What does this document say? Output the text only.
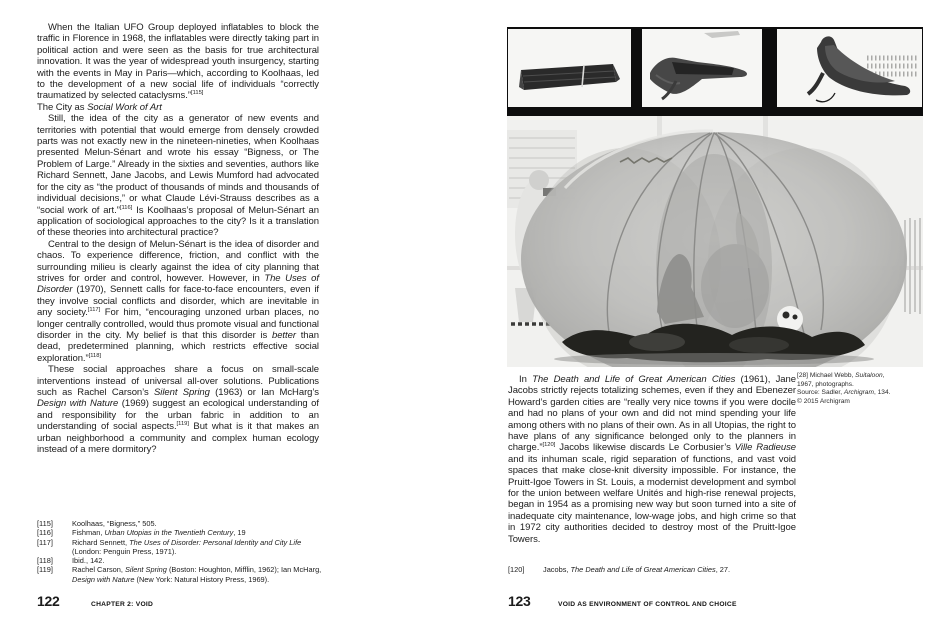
When the Italian UFO Group deployed inflatables to block the traffic in Florence in 1968, the inflatables were directly taking part in political action and were seen as the basis for true architectural innovation. It was the year of widespread youth insurgency, starting with the events in May in Paris—which, according to Koolhaas, led to the development of a new social life of individuals “correctly traumatized by selected cataclysms.”[115]

The City as Social Work of Art

Still, the idea of the city as a generator of new events and territories with potential that would emerge from densely crowded parts was not exactly new in the nineteen-nineties, when Koolhaas presented Melun-Sénart and wrote his essay “Bigness, or The Problem of Large.” Already in the sixties and seventies, authors like Richard Sennett, Jane Jacobs, and Lewis Mumford had advocated for the city as “the product of thousands of minds and thousands of individual decisions,” or what Claude Lévi-Strauss describes as a “social work of art.”[116] Is Koolhaas’s proposal of Melun-Sénart an application of sociological approaches to the city? Is it a translation of these theories into architectural practice?

Central to the design of Melun-Sénart is the idea of disorder and chaos. To experience difference, friction, and conflict with the surrounding milieu is clearly against the idea of city planning that strives for order and control, however. However, in The Uses of Disorder (1970), Sennett calls for face-to-face encounters, even if they involve social conflicts and disorder, which are inevitable in any society.[117] For him, “encouraging unzoned urban places, no longer centrally controlled, would thus promote visual and functional disorder in the city. My belief is that this disorder is better than dead, predetermined planning, which restricts effective social exploration.”[118]

These social approaches share a focus on small-scale interventions instead of universal all-over solutions. Publications such as Rachel Carson’s Silent Spring (1963) or Ian McHarg’s Design with Nature (1969) suggest an ecological understanding of and responsibility for the urban fabric in addition to an understanding of social aspects.[119] But what is it that makes an urban neighborhood a community and complex human ecology instead of a mere dormitory?

[115]	Koolhaas, “Bigness,” 505.
[116]	Fishman, Urban Utopias in the Twentieth Century, 19
[117]	Richard Sennett, The Uses of Disorder: Personal Identity and City Life (London: Penguin Press, 1971).
[118]	Ibid., 142.
[119]	Rachel Carson, Silent Spring (Boston: Houghton, Mifflin, 1962); Ian McHarg, Design with Nature (New York: Natural History Press, 1969).
122	CHAPTER 2: VOID
[28] Michael Webb, Suitaloon,
1967, photographs.
Source: Sadler, Archigram, 134.
© 2015 Archigram

In The Death and Life of Great American Cities (1961), Jane Jacobs strictly rejects totalizing schemes, even if they and Ebenezer Howard’s garden cities are “really very nice towns if you were docile and had no plans of your own and did not mind spending your life among others with no plans of their own. As in all Utopias, the right to have plans of any significance belonged only to the planners in charge.”[120] Jacobs likewise discards Le Corbusier’s Ville Radieuse and its inhuman scale, rigid separation of functions, and vast void spaces that make close-knit diversity impossible. For instance, the Pruitt-Igoe Towers in St. Louis, a modernist development and symbol for the union between welfare Unités and high-rise renewal projects, began in 1954 as a promising new way but soon turned into a site of inadequate city maintenance, low-wage jobs, and high crime so that in 1972 city authorities decided to destroy most of the Pruitt-Igoe Towers.

[120]	Jacobs, The Death and Life of Great American Cities, 27.
123	VOID AS ENVIRONMENT OF CONTROL AND CHOICE
